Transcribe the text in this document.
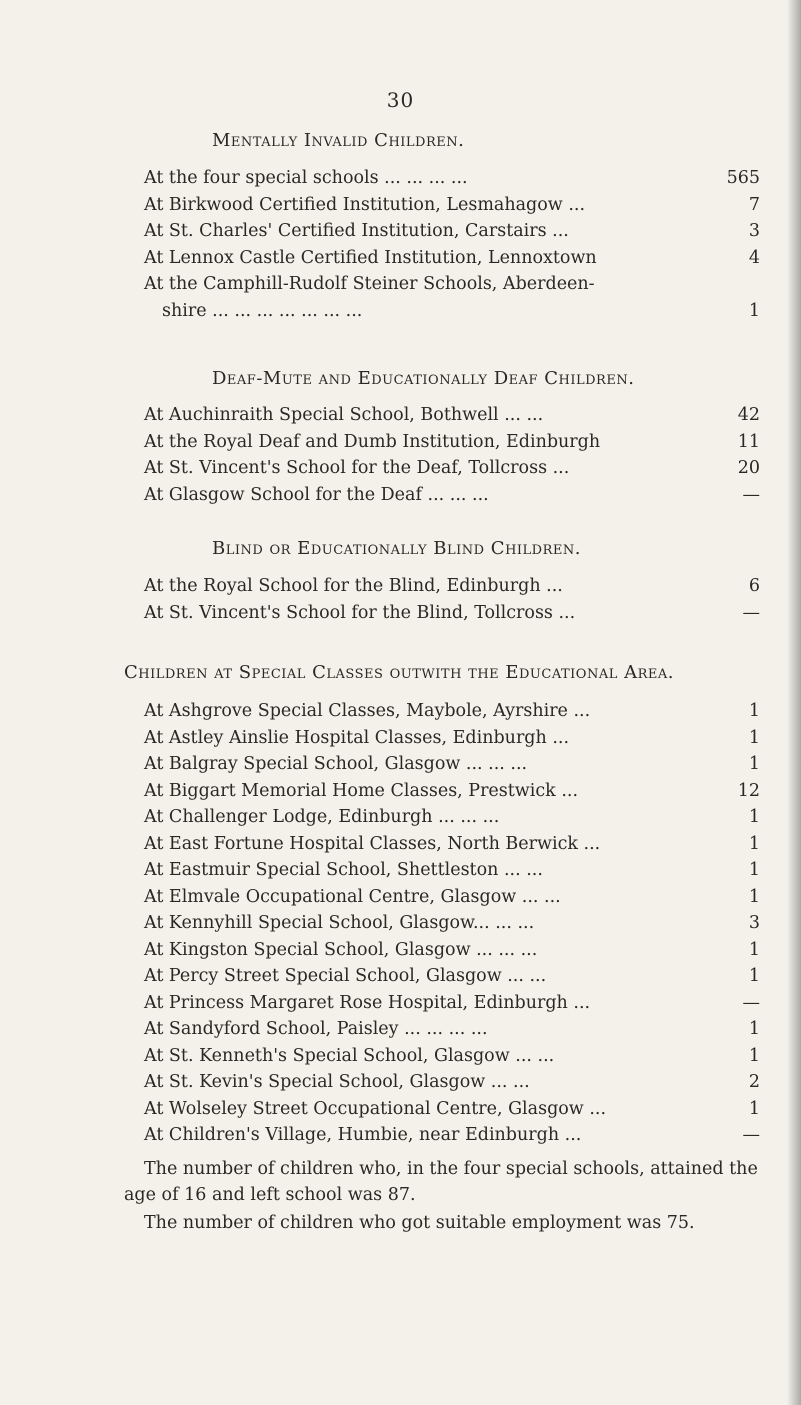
30
Mentally Invalid Children.
At the four special schools ... ... ... ...	565
At Birkwood Certified Institution, Lesmahagow ...	7
At St. Charles' Certified Institution, Carstairs ...	3
At Lennox Castle Certified Institution, Lennoxtown	4
At the Camphill-Rudolf Steiner Schools, Aberdeen-
shire ... ... ... ... ... ... ...	1
Deaf-Mute and Educationally Deaf Children.
At Auchinraith Special School, Bothwell ... ...	42
At the Royal Deaf and Dumb Institution, Edinburgh	11
At St. Vincent's School for the Deaf, Tollcross ...	20
At Glasgow School for the Deaf ... ... ...	—
Blind or Educationally Blind Children.
At the Royal School for the Blind, Edinburgh ...	6
At St. Vincent's School for the Blind, Tollcross ...	—
Children at Special Classes outwith the Educational Area.
At Ashgrove Special Classes, Maybole, Ayrshire ...	1
At Astley Ainslie Hospital Classes, Edinburgh ...	1
At Balgray Special School, Glasgow ... ... ...	1
At Biggart Memorial Home Classes, Prestwick ...	12
At Challenger Lodge, Edinburgh ... ... ...	1
At East Fortune Hospital Classes, North Berwick ...	1
At Eastmuir Special School, Shettleston ... ...	1
At Elmvale Occupational Centre, Glasgow ... ...	1
At Kennyhill Special School, Glasgow... ... ...	3
At Kingston Special School, Glasgow ... ... ...	1
At Percy Street Special School, Glasgow ... ...	1
At Princess Margaret Rose Hospital, Edinburgh ...	—
At Sandyford School, Paisley ... ... ... ...	1
At St. Kenneth's Special School, Glasgow ... ...	1
At St. Kevin's Special School, Glasgow ... ...	2
At Wolseley Street Occupational Centre, Glasgow ...	1
At Children's Village, Humbie, near Edinburgh ...	—
The number of children who, in the four special schools, attained the age of 16 and left school was 87.
The number of children who got suitable employment was 75.
